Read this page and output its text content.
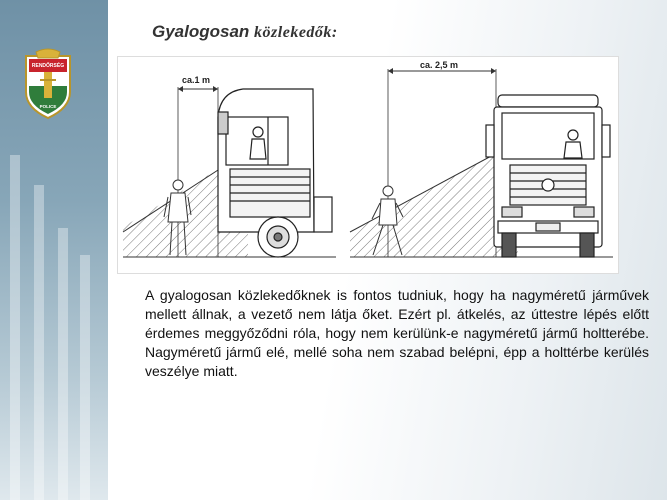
RENDŐRSÉG
POLICE
Gyalogosan közlekedők:
ca.1 m
ca. 2,5 m
A gyalogosan közlekedőknek is fontos tudniuk, hogy ha nagyméretű járművek mellett állnak, a vezető nem látja őket. Ezért pl. átkelés, az úttestre lépés előtt érdemes meggyőződni róla, hogy nem kerülünk-e nagyméretű jármű holtterébe. Nagyméretű jármű elé, mellé soha nem szabad belépni, épp a holttérbe kerülés veszélye miatt.
